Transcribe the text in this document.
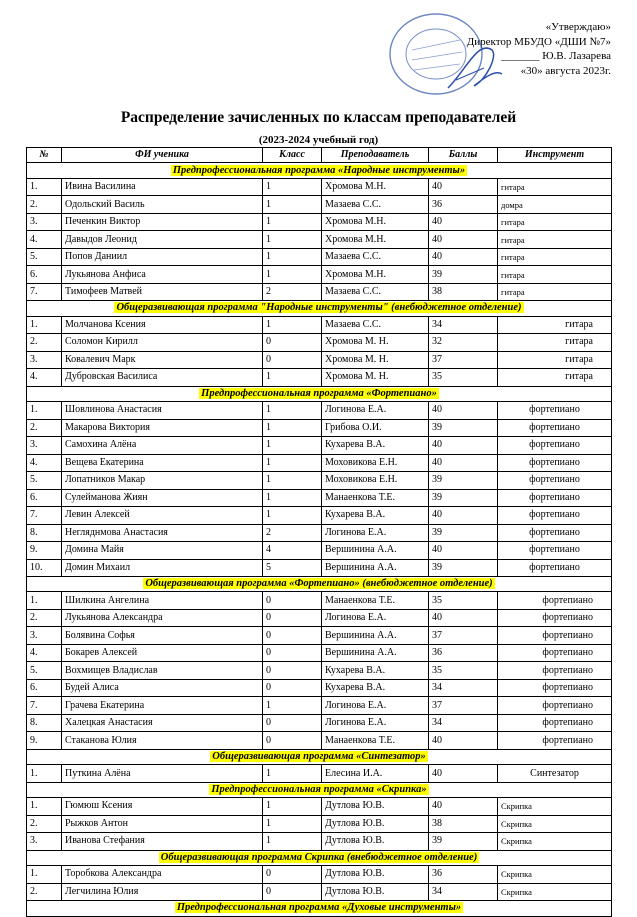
«Утверждаю»
Директор МБУДО «ДШИ №7»
_______ Ю.В. Лазарева
«30» августа 2023г.
Распределение зачисленных по классам преподавателей
(2023-2024 учебный год)
№	ФИ ученика	Класс	Преподаватель	Баллы	Инструмент
Предпрофессиональная программа «Народные инструменты»					
1.	Ивина Василина	1	Хромова М.Н.	40	гитара
2.	Одольский Василь	1	Мазаева С.С.	36	домра
3.	Печенкин Виктор	1	Хромова М.Н.	40	гитара
4.	Давыдов Леонид	1	Хромова М.Н.	40	гитара
5.	Попов Даниил	1	Мазаева С.С.	40	гитара
6.	Лукьянова Анфиса	1	Хромова М.Н.	39	гитара
7.	Тимофеев Матвей	2	Мазаева С.С.	38	гитара
Общеразвивающая программа "Народные инструменты" (внебюджетное отделение)					
1.	Молчанова Ксения	1	Мазаева С.С.	34	гитара
2.	Соломон Кирилл	0	Хромова М. Н.	32	гитара
3.	Ковалевич Марк	0	Хромова М. Н.	37	гитара
4.	Дубровская Василиса	1	Хромова М. Н.	35	гитара
Предпрофессиональная программа «Фортепиано»					
1.	Шовлинова Анастасия	1	Логинова Е.А.	40	фортепиано
2.	Макарова Виктория	1	Грибова О.И.	39	фортепиано
3.	Самохина Алёна	1	Кухарева В.А.	40	фортепиано
4.	Вещева Екатерина	1	Моховикова Е.Н.	40	фортепиано
5.	Лопатников Макар	1	Моховикова Е.Н.	39	фортепиано
6.	Сулейманова Жиян	1	Манаенкова Т.Е.	39	фортепиано
7.	Левин Алексей	1	Кухарева В.А.	40	фортепиано
8.	Негляднмова Анастасия	2	Логинова Е.А.	39	фортепиано
9.	Домина Майя	4	Вершинина А.А.	40	фортепиано
10.	Домин Михаил	5	Вершинина А.А.	39	фортепиано
Общеразвивающая программа «Фортепиано» (внебюджетное отделение)					
1.	Шилкина Ангелина	0	Манаенкова Т.Е.	35	фортепиано
2.	Лукьянова Александра	0	Логинова Е.А.	40	фортепиано
3.	Болявина Софья	0	Вершинина А.А.	37	фортепиано
4.	Бокарев Алексей	0	Вершинина А.А.	36	фортепиано
5.	Вохмищев Владислав	0	Кухарева В.А.	35	фортепиано
6.	Будей Алиса	0	Кухарева В.А.	34	фортепиано
7.	Грачева Екатерина	1	Логинова Е.А.	37	фортепиано
8.	Халецкая Анастасия	0	Логинова Е.А.	34	фортепиано
9.	Стаканова Юлия	0	Манаенкова Т.Е.	40	фортепиано
Общеразвивающая программа «Синтезатор»					
1.	Путкина Алёна	1	Елесина И.А.	40	Синтезатор
Предпрофессиональная программа «Скрипка»					
1.	Гюмюш Ксения	1	Дутлова Ю.В.	40	Скрипка
2.	Рыжков Антон	1	Дутлова Ю.В.	38	Скрипка
3.	Иванова Стефания	1	Дутлова Ю.В.	39	Скрипка
Общеразвивающая программа Скрипка (внебюджетное отделение)					
1.	Торобкова Александра	0	Дутлова Ю.В.	36	Скрипка
2.	Легчилина Юлия	0	Дутлова Ю.В.	34	Скрипка
Предпрофессиональная программа «Духовые инструменты»					
